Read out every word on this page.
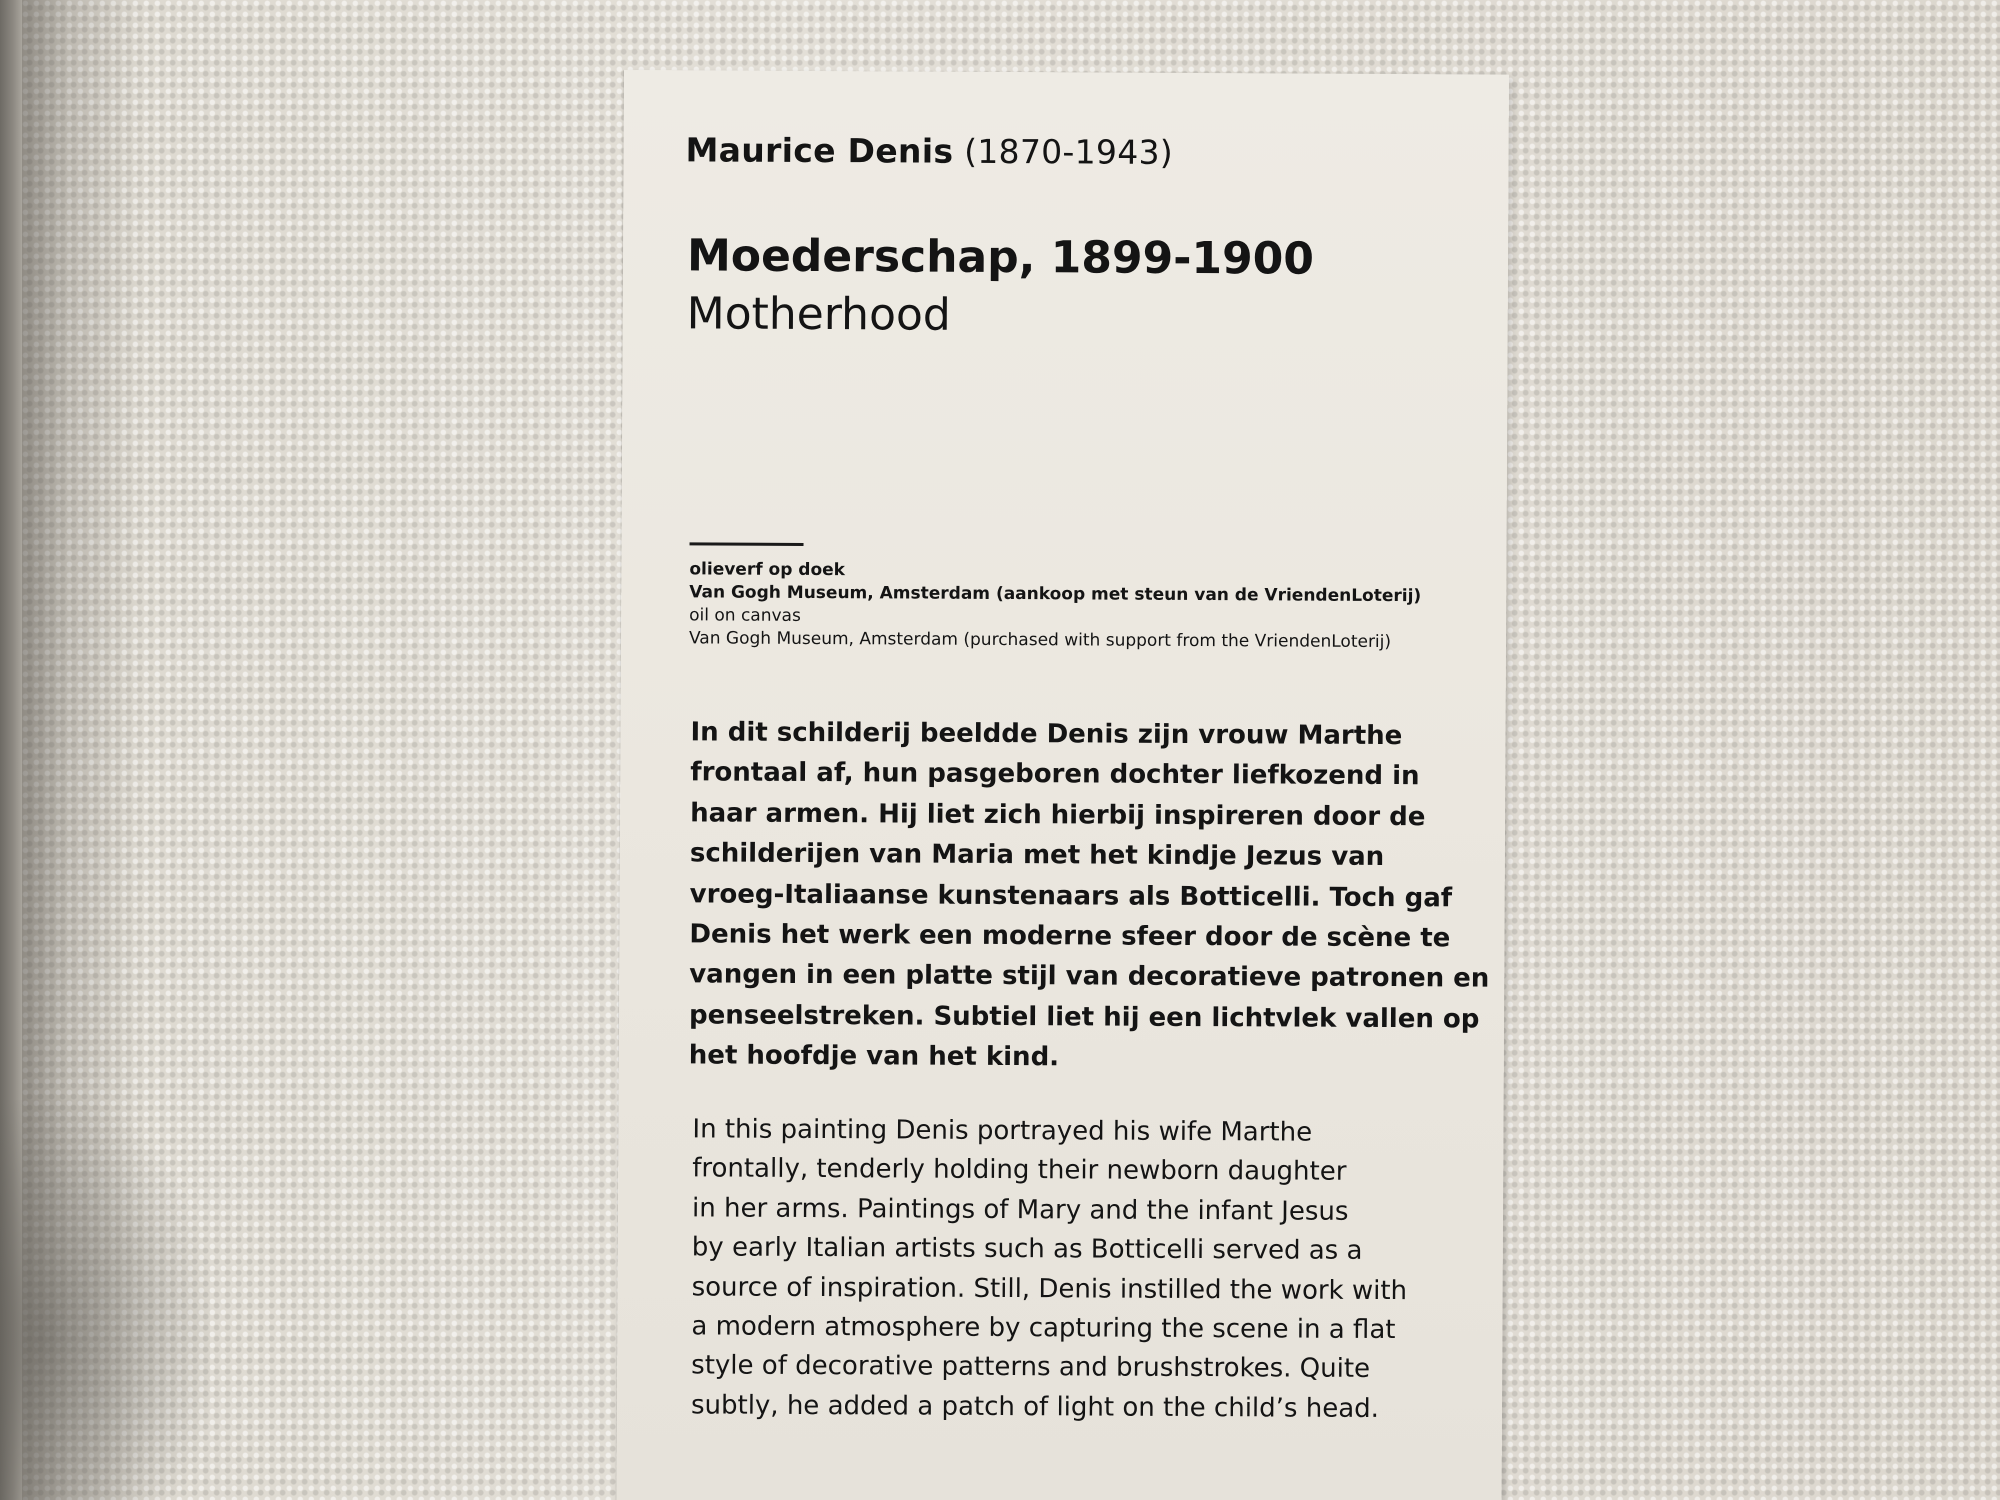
Maurice Denis (1870-1943)
Moederschap, 1899-1900
Motherhood
olieverf op doek
Van Gogh Museum, Amsterdam (aankoop met steun van de VriendenLoterij)
oil on canvas
Van Gogh Museum, Amsterdam (purchased with support from the VriendenLoterij)
In dit schilderij beeldde Denis zijn vrouw Marthe
frontaal af, hun pasgeboren dochter liefkozend in
haar armen. Hij liet zich hierbij inspireren door de
schilderijen van Maria met het kindje Jezus van
vroeg-Italiaanse kunstenaars als Botticelli. Toch gaf
Denis het werk een moderne sfeer door de scène te
vangen in een platte stijl van decoratieve patronen en
penseelstreken. Subtiel liet hij een lichtvlek vallen op
het hoofdje van het kind.
In this painting Denis portrayed his wife Marthe
frontally, tenderly holding their newborn daughter
in her arms. Paintings of Mary and the infant Jesus
by early Italian artists such as Botticelli served as a
source of inspiration. Still, Denis instilled the work with
a modern atmosphere by capturing the scene in a flat
style of decorative patterns and brushstrokes. Quite
subtly, he added a patch of light on the child’s head.
